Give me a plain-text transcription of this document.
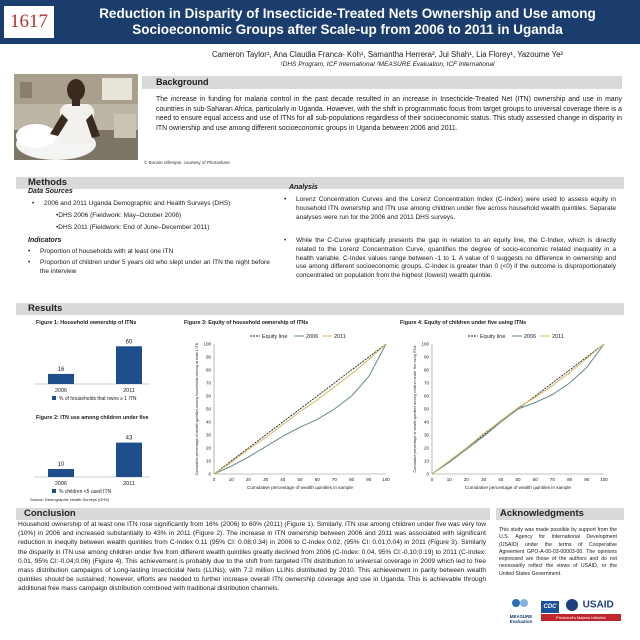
1617	Reduction in Disparity of Insecticide-Treated Nets Ownership and Use among
Socioeconomic Groups after Scale-up from 2006 to 2011 in Uganda
Cameron Taylor¹, Ana Claudia Franca- Koh¹, Samantha Herrera², Jui Shah¹, Lia Florey¹, Yazoume Ye²
¹DHS Program, ICF International ²MEASURE Evaluation, ICF International
© Bonnie Gillespie, courtesy of Photoshare
Background
The increase in funding for malaria control in the past decade resulted in an increase in Insecticide-Treated Net (ITN) ownership and use in many countries in sub-Saharan Africa, particularly in Uganda. However, with the shift in programmatic focus from target groups to universal coverage there is a need to ensure equal access and use of ITNs for all sub-populations regardless of their socioeconomic status. This study assessed change in disparity in ITN ownership and use among different socioeconomic groups in Uganda between 2006 and 2011.
Methods
Data Sources
• 2006 and 2011 Uganda Demographic and Health Surveys (DHS)
•DHS 2006 (Fieldwork: May–October 2006)
•DHS 2011 (Fieldwork: End of June–December 2011)
Indicators
• Proportion of households with at least one ITN
• Proportion of children under 5 years old who slept under an ITN the night before the interview
Analysis
• Lorenz Concentration Curves and the Lorenz Concentration Index (C-Index) were used to assess equity in household ITN ownership and ITN use among children under five across household wealth quintiles. Separate analyses were run for the 2006 and 2011 DHS surveys.
• While the C-Curve graphically presents the gap in relation to an equity line, the C-Index, which is directly related to the Lorenz Concentration Curve, quantifies the degree of socio-economic related inequality in a health variable. C-Index values range between -1 to 1. A value of 0 suggests no difference in ownership and use among different socioeconomic groups. C-Index is greater than 0 (<0) if the outcome is disproportionately concentrated on population from the highest (lowest) wealth quintile.
Results
Figure 1: Household ownership of ITNs
16
2006
60
2011
% of households that owns ≥ 1 ITN
Figure 2: ITN use among children under five
10
2006
43
2011
% children <5 used ITN
Source: Demographic Health Surveys (DHS)
Figure 3: Equity of household ownership of ITNs
0	10	20	30	40	50	60	70	80	90 100
0
10
20
30
40
50
60
70
80
90
100
Cumulative percentage of wealth quintiles in sample
Cumulative percentage of wealth quintiles among households owning at least 1 ITN
Equity line	2006	2011
Figure 4: Equity of children under five using ITNs
0	10	20	30	40	50	60	70	80	90 100
0
10
20
30
40
50
60
70
80
90
100
Cumulative percentage of wealth quintiles in sample
Cumulative percentage of wealth quintiles among children under five using ITNs
Equity line	2006	2011
Conclusion
Household ownership of at least one ITN rose significantly from 16% (2006) to 60% (2011) (Figure 1). Similarly, ITN use among children under five was very low (10%) in 2006 and increased substantially to 43% in 2011 (Figure 2). The increase in ITN ownership between 2006 and 2011 was associated with significant reduction in inequity between wealth quintiles from C-Index 0.11 (95% CI: 0.08;0.34) in 2006 to C-Index 0.02, (95% CI: 0.01;0.04) in 2011 (Figure 3). Similarly the disparity in ITN use among children under five from different wealth quintiles greatly declined from 2006 (C-Index: 0.04, 95% CI:-0.10;0:19) to 2011 (C-Index: 0.01, 95% CI:-0.04;0.06) (Figure 4). This achievement is probably due to the shift from targeted ITN distribution to universal coverage in 2009 which led to free mass distribution campaigns of Long-lasting Insecticidal Nets (LLINs), with 7.2 million LLINs distributed by 2010. This achievement in parity between wealth quintiles should be sustained; however, efforts are needed to further increase overall ITN ownership coverage and use in Uganda. This is achievable through additional free mass campaign distribution combined with traditional distribution channels.
Acknowledgments
This study was made possible by support from the U.S. Agency for International Development (USAID) under the terms of Cooperative Agreement GPO-A-00-03-00003-00. The opinions expressed are those of the authors and do not necessarily reflect the views of USAID, or the United States Government.
MEASURE Evaluation
CDC	USAID
President's Malaria Initiative
